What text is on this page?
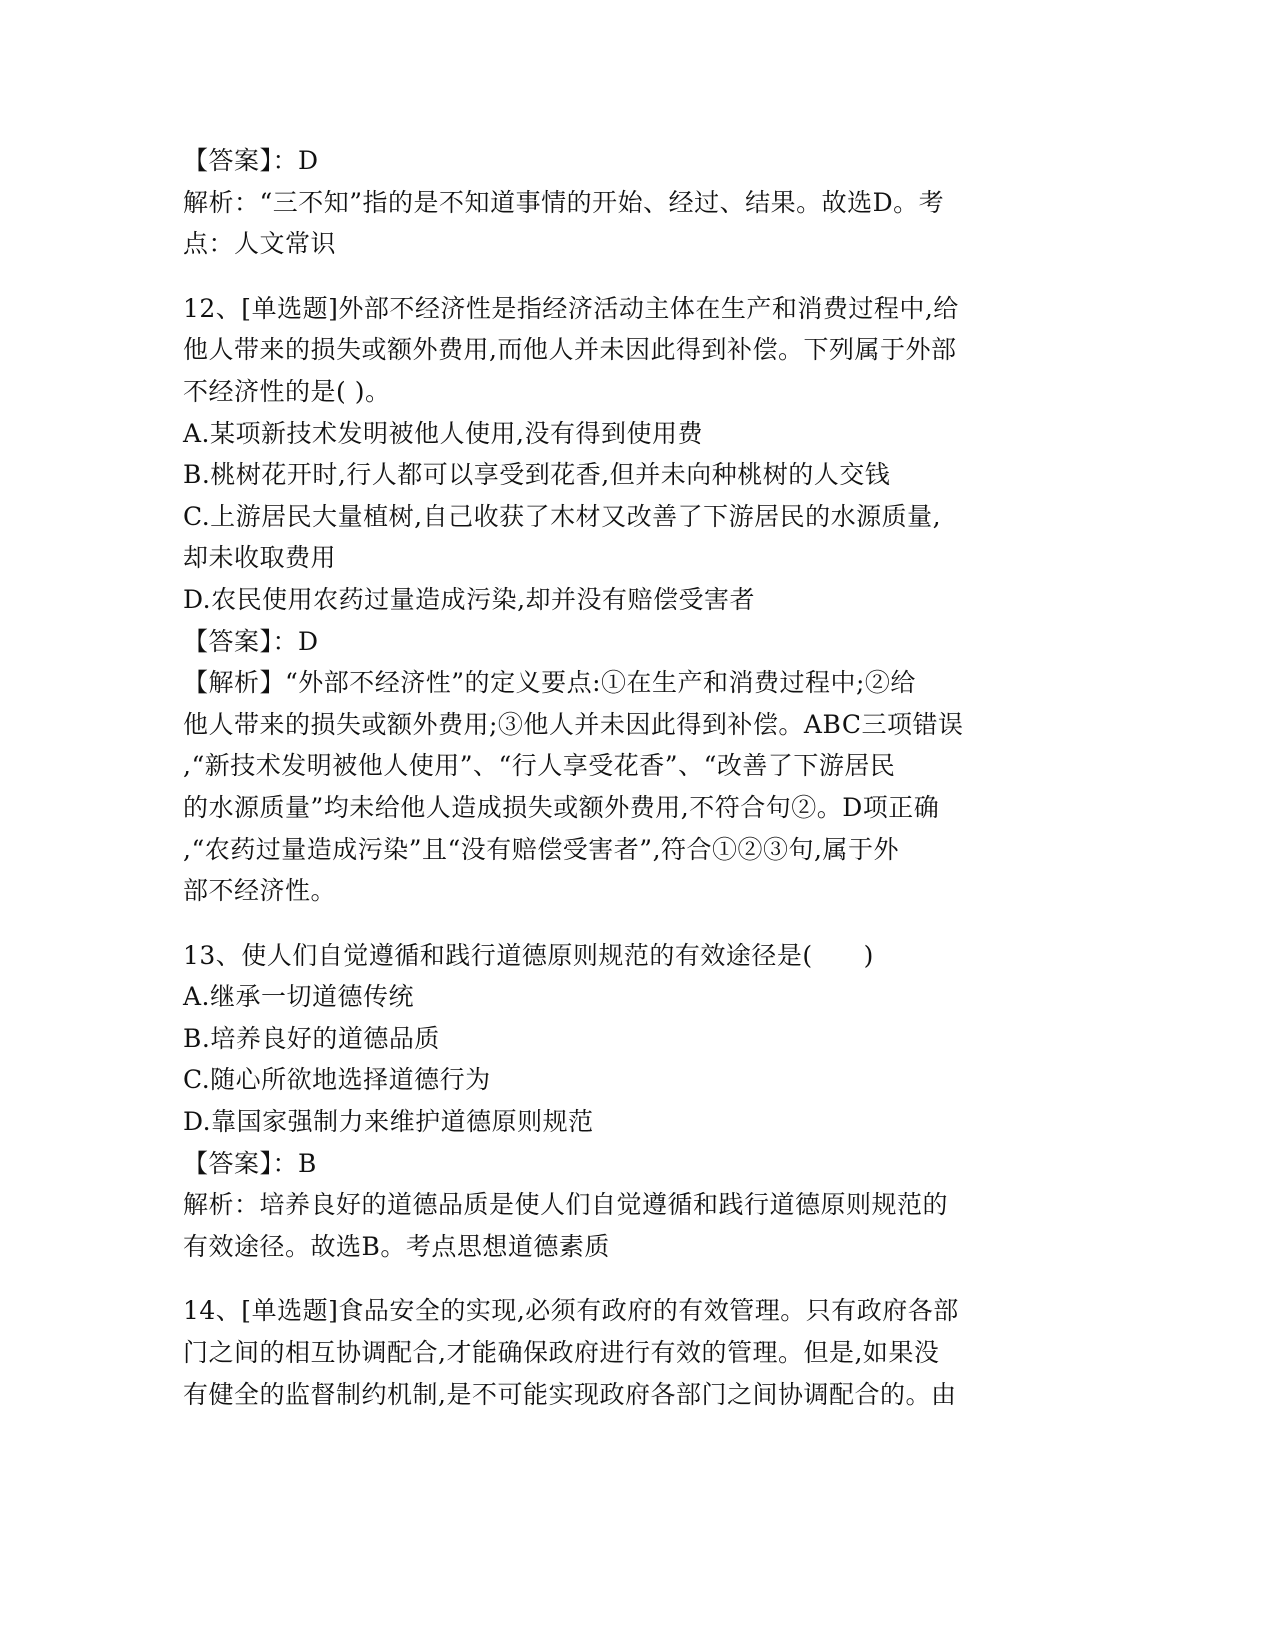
【答案】：D
解析：“三不知”指的是不知道事情的开始、经过、结果。故选D。考
点：人文常识
12、[单选题]外部不经济性是指经济活动主体在生产和消费过程中,给
他人带来的损失或额外费用,而他人并未因此得到补偿。下列属于外部
不经济性的是( )。
A.某项新技术发明被他人使用,没有得到使用费
B.桃树花开时,行人都可以享受到花香,但并未向种桃树的人交钱
C.上游居民大量植树,自己收获了木材又改善了下游居民的水源质量,
却未收取费用
D.农民使用农药过量造成污染,却并没有赔偿受害者
【答案】：D
【解析】“外部不经济性”的定义要点:①在生产和消费过程中;②给
他人带来的损失或额外费用;③他人并未因此得到补偿。ABC三项错误
,“新技术发明被他人使用”、“行人享受花香”、“改善了下游居民
的水源质量”均未给他人造成损失或额外费用,不符合句②。D项正确
,“农药过量造成污染”且“没有赔偿受害者”,符合①②③句,属于外
部不经济性。
13、使人们自觉遵循和践行道德原则规范的有效途径是(　　)
A.继承一切道德传统
B.培养良好的道德品质
C.随心所欲地选择道德行为
D.靠国家强制力来维护道德原则规范
【答案】：B
解析：培养良好的道德品质是使人们自觉遵循和践行道德原则规范的
有效途径。故选B。考点思想道德素质
14、[单选题]食品安全的实现,必须有政府的有效管理。只有政府各部
门之间的相互协调配合,才能确保政府进行有效的管理。但是,如果没
有健全的监督制约机制,是不可能实现政府各部门之间协调配合的。由
